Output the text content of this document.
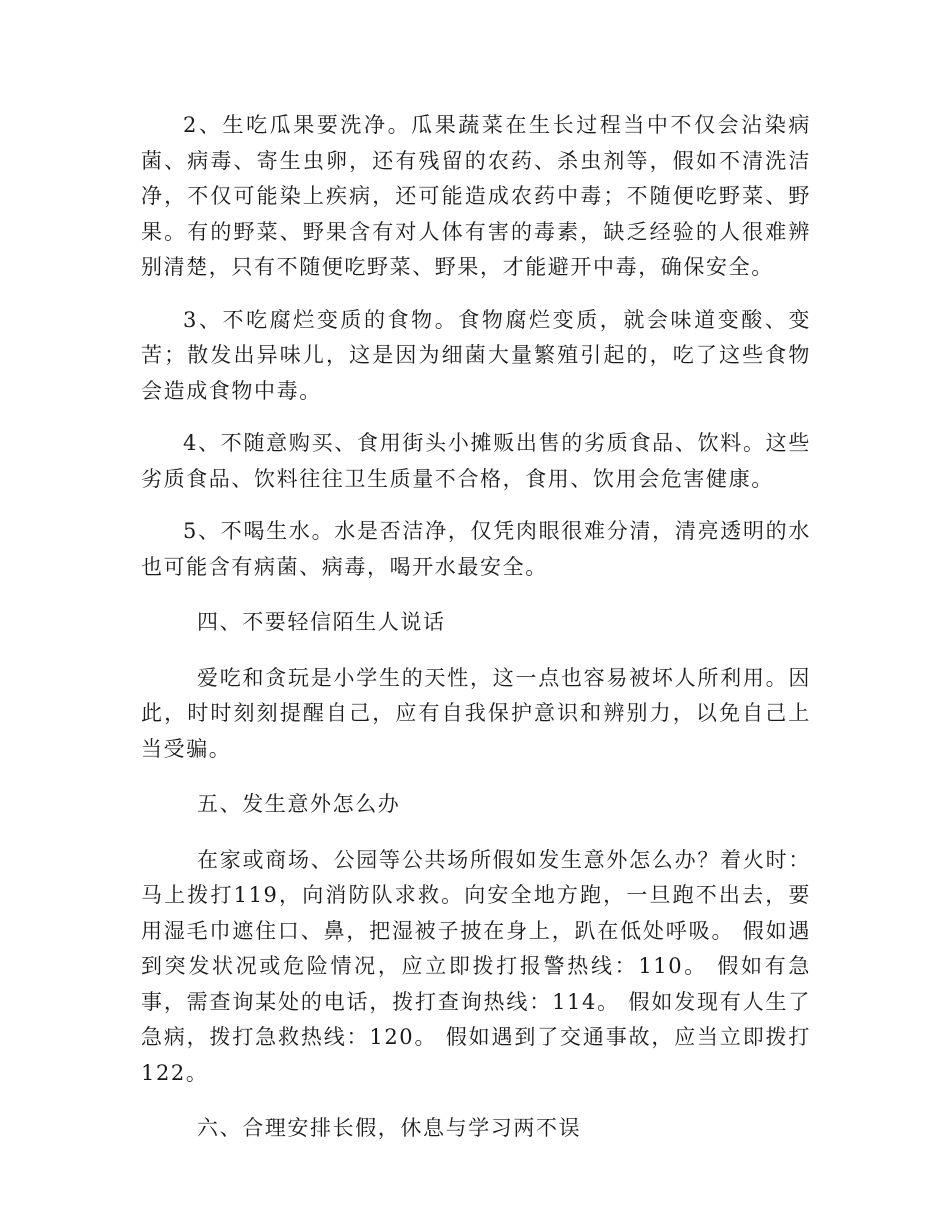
2、生吃瓜果要洗净。瓜果蔬菜在生长过程当中不仅会沾染病菌、病毒、寄生虫卵，还有残留的农药、杀虫剂等，假如不清洗洁净，不仅可能染上疾病，还可能造成农药中毒；不随便吃野菜、野果。有的野菜、野果含有对人体有害的毒素，缺乏经验的人很难辨别清楚，只有不随便吃野菜、野果，才能避开中毒，确保安全。

3、不吃腐烂变质的食物。食物腐烂变质，就会味道变酸、变苦；散发出异味儿，这是因为细菌大量繁殖引起的，吃了这些食物会造成食物中毒。

4、不随意购买、食用街头小摊贩出售的劣质食品、饮料。这些劣质食品、饮料往往卫生质量不合格，食用、饮用会危害健康。

5、不喝生水。水是否洁净，仅凭肉眼很难分清，清亮透明的水也可能含有病菌、病毒，喝开水最安全。

四、不要轻信陌生人说话

爱吃和贪玩是小学生的天性，这一点也容易被坏人所利用。因此，时时刻刻提醒自己，应有自我保护意识和辨别力，以免自己上当受骗。

五、发生意外怎么办

在家或商场、公园等公共场所假如发生意外怎么办？着火时：马上拨打119，向消防队求救。向安全地方跑，一旦跑不出去，要用湿毛巾遮住口、鼻，把湿被子披在身上，趴在低处呼吸。 假如遇到突发状况或危险情况，应立即拨打报警热线：110。 假如有急事，需查询某处的电话，拨打查询热线：114。 假如发现有人生了急病，拨打急救热线：120。 假如遇到了交通事故，应当立即拨打122。

六、合理安排长假，休息与学习两不误
